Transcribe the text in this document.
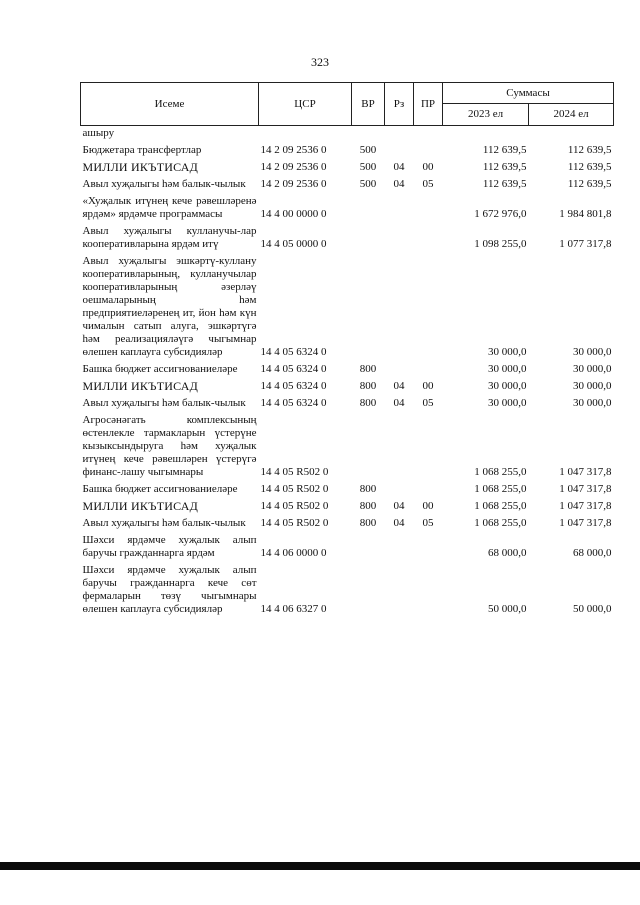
323
Исеме	ЦСР	ВР	Рз	ПР	Суммасы	
					2023 ел	2024 ел
ашыру						
Бюджетара трансфертлар	14 2 09 2536 0	500			112 639,5	112 639,5
МИЛЛИ ИКЪТИСАД	14 2 09 2536 0	500	04	00	112 639,5	112 639,5
Авыл хуҗалыгы һәм балык-чылык	14 2 09 2536 0	500	04	05	112 639,5	112 639,5
«Хуҗалык итүнең кече рәвешләренә ярдәм» ярдәмче программасы	14 4 00 0000 0				1 672 976,0	1 984 801,8
Авыл хуҗалыгы кулланучы-лар кооперативларына ярдәм итү	14 4 05 0000 0				1 098 255,0	1 077 317,8
Авыл хуҗалыгы эшкәртү-куллану кооперативларының, кулланучылар кооперативларының әзерләү оешмаларының һәм предприятиеләренең ит, йон һәм күн чималын сатып алуга, эшкәртүгә һәм реализацияләүгә чыгымнар өлешен каплауга субсидияләр	14 4 05 6324 0				30 000,0	30 000,0
Башка бюджет ассигнованиеләре	14 4 05 6324 0	800			30 000,0	30 000,0
МИЛЛИ ИКЪТИСАД	14 4 05 6324 0	800	04	00	30 000,0	30 000,0
Авыл хуҗалыгы һәм балык-чылык	14 4 05 6324 0	800	04	05	30 000,0	30 000,0
Агросәнәгать комплексының өстенлекле тармакларын үстерүне кызыксындыруга һәм хуҗалык итүнең кече рәвешләрен үстерүгә финанс-лашу чыгымнары	14 4 05 R502 0				1 068 255,0	1 047 317,8
Башка бюджет ассигнованиеләре	14 4 05 R502 0	800			1 068 255,0	1 047 317,8
МИЛЛИ ИКЪТИСАД	14 4 05 R502 0	800	04	00	1 068 255,0	1 047 317,8
Авыл хуҗалыгы һәм балык-чылык	14 4 05 R502 0	800	04	05	1 068 255,0	1 047 317,8
Шәхси ярдәмче хуҗалык алып баручы гражданнарга ярдәм	14 4 06 0000 0				68 000,0	68 000,0
Шәхси ярдәмче хуҗалык алып баручы гражданнарга кече сөт фермаларын төзү чыгымнары өлешен каплауга субсидияләр	14 4 06 6327 0				50 000,0	50 000,0
